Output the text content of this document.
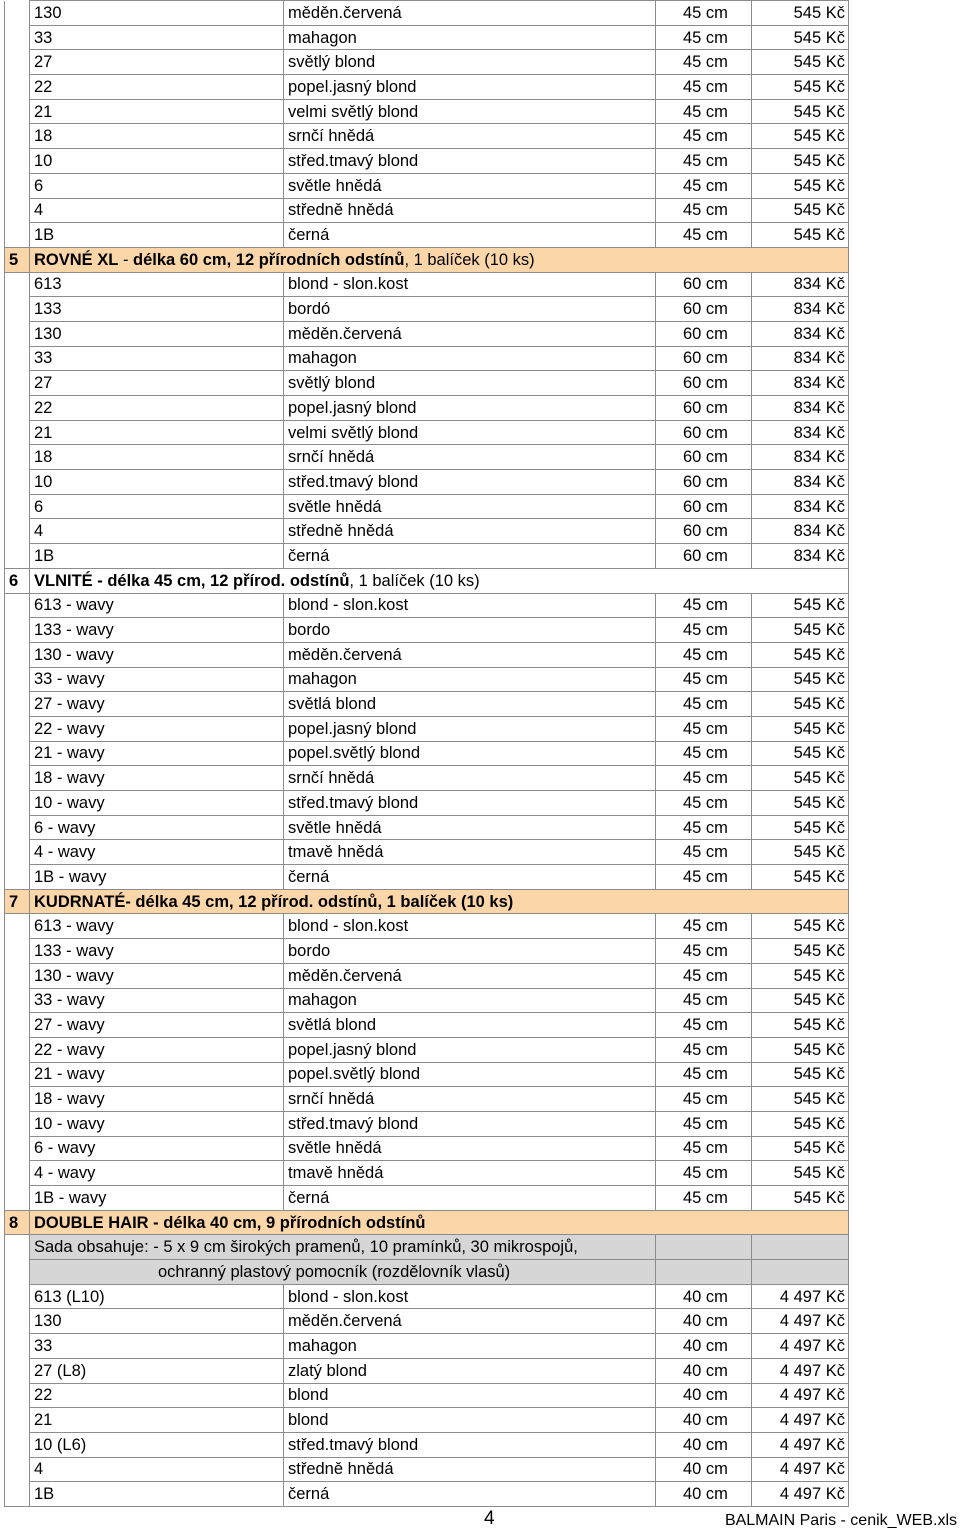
	130	měděn.červená	45 cm	545 Kč
	33	mahagon	45 cm	545 Kč
	27	světlý blond	45 cm	545 Kč
	22	popel.jasný blond	45 cm	545 Kč
	21	velmi světlý blond	45 cm	545 Kč
	18	srnčí hnědá	45 cm	545 Kč
	10	střed.tmavý blond	45 cm	545 Kč
	6	světle hnědá	45 cm	545 Kč
	4	středně hnědá	45 cm	545 Kč
	1B	černá	45 cm	545 Kč
5	ROVNÉ XL - délka 60 cm, 12 přírodních odstínů, 1 balíček (10 ks)			
	613	blond - slon.kost	60 cm	834 Kč
	133	bordó	60 cm	834 Kč
	130	měděn.červená	60 cm	834 Kč
	33	mahagon	60 cm	834 Kč
	27	světlý blond	60 cm	834 Kč
	22	popel.jasný blond	60 cm	834 Kč
	21	velmi světlý blond	60 cm	834 Kč
	18	srnčí hnědá	60 cm	834 Kč
	10	střed.tmavý blond	60 cm	834 Kč
	6	světle hnědá	60 cm	834 Kč
	4	středně hnědá	60 cm	834 Kč
	1B	černá	60 cm	834 Kč
6	VLNITÉ - délka 45 cm, 12 přírod. odstínů, 1 balíček (10 ks)			
	613 - wavy	blond - slon.kost	45 cm	545 Kč
	133 - wavy	bordo	45 cm	545 Kč
	130 - wavy	měděn.červená	45 cm	545 Kč
	33 - wavy	mahagon	45 cm	545 Kč
	27 - wavy	světlá blond	45 cm	545 Kč
	22 - wavy	popel.jasný blond	45 cm	545 Kč
	21 - wavy	popel.světlý blond	45 cm	545 Kč
	18 - wavy	srnčí hnědá	45 cm	545 Kč
	10 - wavy	střed.tmavý blond	45 cm	545 Kč
	6 - wavy	světle hnědá	45 cm	545 Kč
	4 - wavy	tmavě hnědá	45 cm	545 Kč
	1B - wavy	černá	45 cm	545 Kč
7	KUDRNATÉ- délka 45 cm, 12 přírod. odstínů, 1 balíček (10 ks)			
	613 - wavy	blond - slon.kost	45 cm	545 Kč
	133 - wavy	bordo	45 cm	545 Kč
	130 - wavy	měděn.červená	45 cm	545 Kč
	33 - wavy	mahagon	45 cm	545 Kč
	27 - wavy	světlá blond	45 cm	545 Kč
	22 - wavy	popel.jasný blond	45 cm	545 Kč
	21 - wavy	popel.světlý blond	45 cm	545 Kč
	18 - wavy	srnčí hnědá	45 cm	545 Kč
	10 - wavy	střed.tmavý blond	45 cm	545 Kč
	6 - wavy	světle hnědá	45 cm	545 Kč
	4 - wavy	tmavě hnědá	45 cm	545 Kč
	1B - wavy	černá	45 cm	545 Kč
8	DOUBLE HAIR - délka 40 cm, 9 přírodních odstínů			
	Sada obsahuje: - 5 x 9 cm širokých pramenů, 10 pramínků, 30 mikrospojů,			
	ochranný plastový pomocník (rozdělovník vlasů)			
	613 (L10)	blond - slon.kost	40 cm	4 497 Kč
	130	měděn.červená	40 cm	4 497 Kč
	33	mahagon	40 cm	4 497 Kč
	27 (L8)	zlatý blond	40 cm	4 497 Kč
	22	blond	40 cm	4 497 Kč
	21	blond	40 cm	4 497 Kč
	10 (L6)	střed.tmavý blond	40 cm	4 497 Kč
	4	středně hnědá	40 cm	4 497 Kč
	1B	černá	40 cm	4 497 Kč
4	BALMAIN Paris - cenik_WEB.xls
